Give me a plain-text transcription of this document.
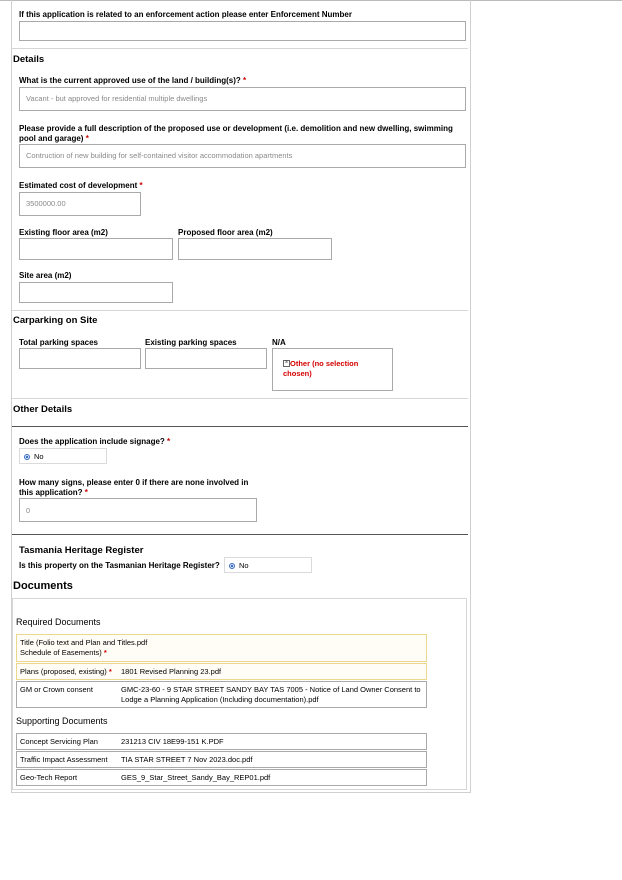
If this application is related to an enforcement action please enter Enforcement Number
Details
What is the current approved use of the land / building(s)? *
Vacant - but approved for residential multiple dwellings
Please provide a full description of the proposed use or development (i.e. demolition and new dwelling, swimming pool and garage) *
Contruction of new building for self-contained visitor accommodation apartments
Estimated cost of development *
3500000.00
Existing floor area (m2)	Proposed floor area (m2)
Site area (m2)
Carparking on Site
Total parking spaces	Existing parking spaces	N/A
× Other (no selection chosen)
Other Details
Does the application include signage? *
No
How many signs, please enter 0 if there are none involved in this application? *
0
Tasmania Heritage Register
Is this property on the Tasmanian Heritage Register?	No
Documents
Required Documents
Title (Folio text and Plan and Titles.pdf Schedule of Easements) *
Plans (proposed, existing) *	1801 Revised Planning 23.pdf
GM or Crown consent	GMC-23-60 - 9 STAR STREET SANDY BAY TAS 7005 - Notice of Land Owner Consent to Lodge a Planning Application (Including documentation).pdf
Supporting Documents
Concept Servicing Plan	231213 CIV 18E99-151 K.PDF
Traffic Impact Assessment	TIA STAR STREET 7 Nov 2023.doc.pdf
Geo-Tech Report	GES_9_Star_Street_Sandy_Bay_REP01.pdf
